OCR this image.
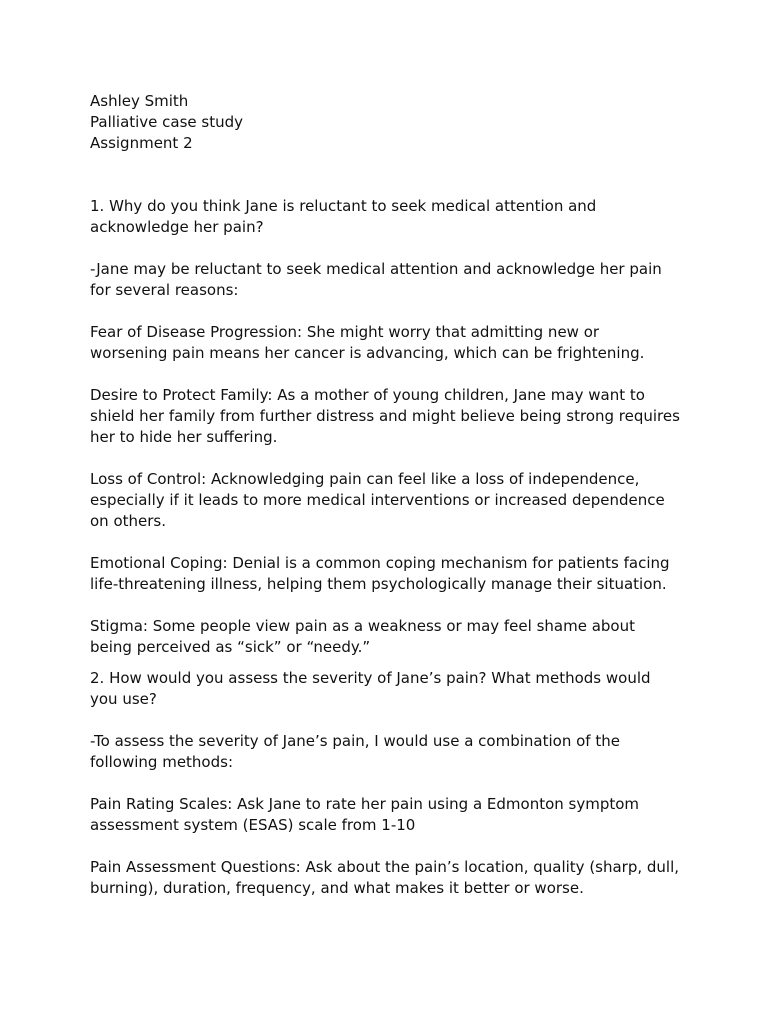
Ashley Smith

Palliative case study

Assignment 2

1. Why do you think Jane is reluctant to seek medical attention and acknowledge her pain?

-Jane may be reluctant to seek medical attention and acknowledge her pain for several reasons:

Fear of Disease Progression: She might worry that admitting new or worsening pain means her cancer is advancing, which can be frightening.

Desire to Protect Family: As a mother of young children, Jane may want to shield her family from further distress and might believe being strong requires her to hide her suffering.

Loss of Control: Acknowledging pain can feel like a loss of independence, especially if it leads to more medical interventions or increased dependence on others.

Emotional Coping: Denial is a common coping mechanism for patients facing life-threatening illness, helping them psychologically manage their situation.

Stigma: Some people view pain as a weakness or may feel shame about being perceived as “sick” or “needy.”

2. How would you assess the severity of Jane’s pain? What methods would you use?

-To assess the severity of Jane’s pain, I would use a combination of the following methods:

Pain Rating Scales: Ask Jane to rate her pain using a Edmonton symptom assessment system (ESAS) scale from 1-10

Pain Assessment Questions: Ask about the pain’s location, quality (sharp, dull, burning), duration, frequency, and what makes it better or worse.
